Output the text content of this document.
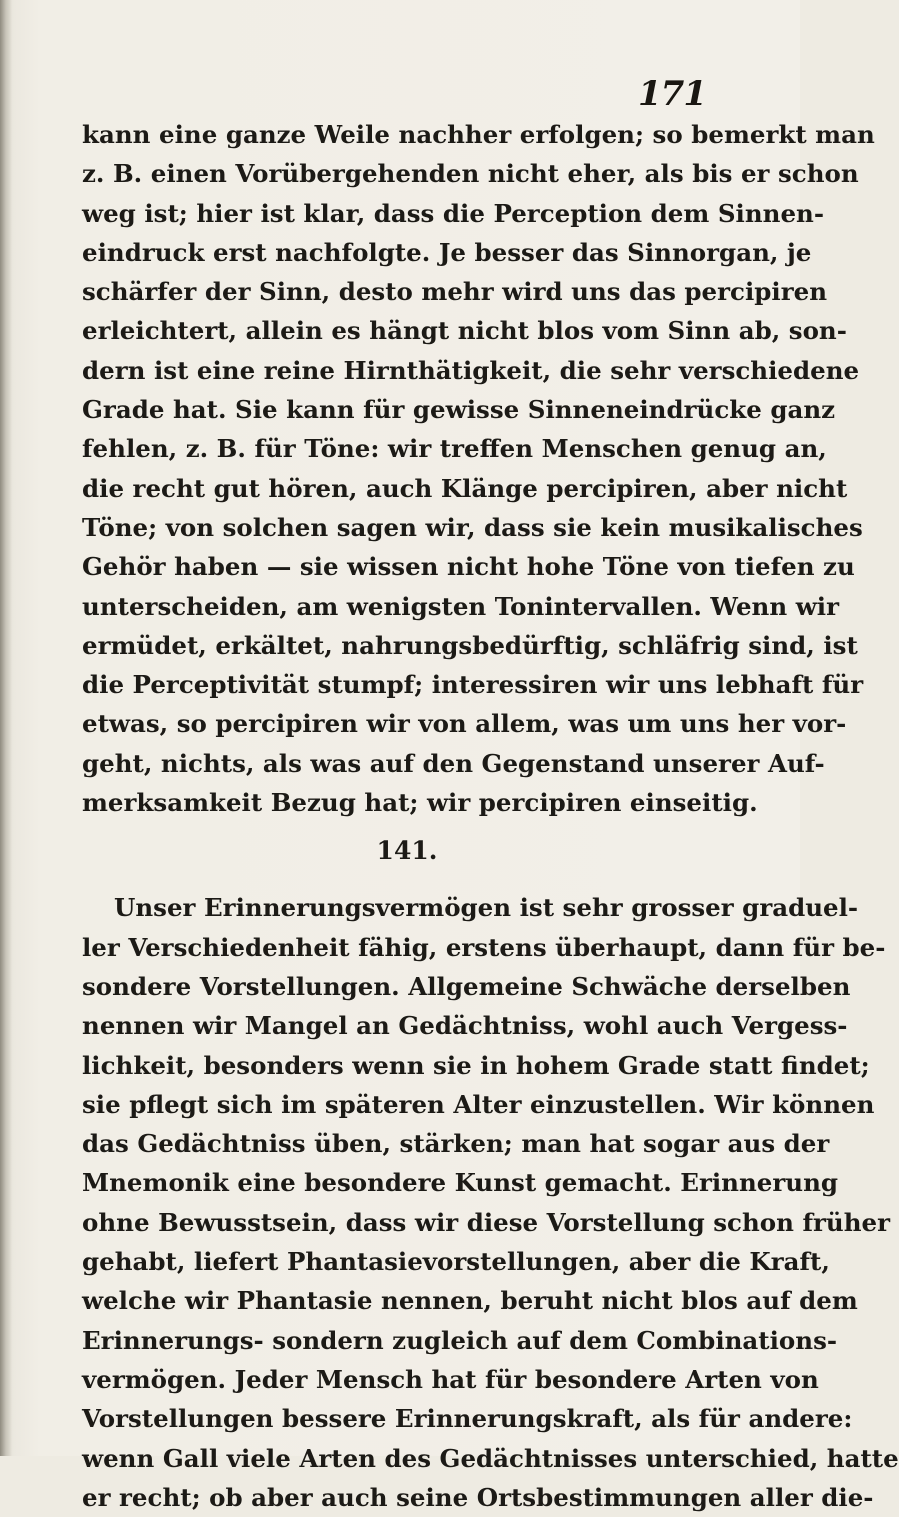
171
kann eine ganze Weile nachher erfolgen; so bemerkt man
z. B. einen Vorübergehenden nicht eher, als bis er schon
weg ist; hier ist klar, dass die Perception dem Sinnen-
eindruck erst nachfolgte. Je besser das Sinnorgan, je
schärfer der Sinn, desto mehr wird uns das percipiren
erleichtert, allein es hängt nicht blos vom Sinn ab, son-
dern ist eine reine Hirnthätigkeit, die sehr verschiedene
Grade hat. Sie kann für gewisse Sinneneindrücke ganz
fehlen, z. B. für Töne: wir treffen Menschen genug an,
die recht gut hören, auch Klänge percipiren, aber nicht
Töne; von solchen sagen wir, dass sie kein musikalisches
Gehör haben — sie wissen nicht hohe Töne von tiefen zu
unterscheiden, am wenigsten Tonintervallen. Wenn wir
ermüdet, erkältet, nahrungsbedürftig, schläfrig sind, ist
die Perceptivität stumpf; interessiren wir uns lebhaft für
etwas, so percipiren wir von allem, was um uns her vor-
geht, nichts, als was auf den Gegenstand unserer Auf-
merksamkeit Bezug hat; wir percipiren einseitig.
141.
Unser Erinnerungsvermögen ist sehr grosser graduel-
ler Verschiedenheit fähig, erstens überhaupt, dann für be-
sondere Vorstellungen. Allgemeine Schwäche derselben
nennen wir Mangel an Gedächtniss, wohl auch Vergess-
lichkeit, besonders wenn sie in hohem Grade statt findet;
sie pflegt sich im späteren Alter einzustellen. Wir können
das Gedächtniss üben, stärken; man hat sogar aus der
Mnemonik eine besondere Kunst gemacht. Erinnerung
ohne Bewusstsein, dass wir diese Vorstellung schon früher
gehabt, liefert Phantasievorstellungen, aber die Kraft,
welche wir Phantasie nennen, beruht nicht blos auf dem
Erinnerungs- sondern zugleich auf dem Combinations-
vermögen. Jeder Mensch hat für besondere Arten von
Vorstellungen bessere Erinnerungskraft, als für andere:
wenn Gall viele Arten des Gedächtnisses unterschied, hatte
er recht; ob aber auch seine Ortsbestimmungen aller die-
